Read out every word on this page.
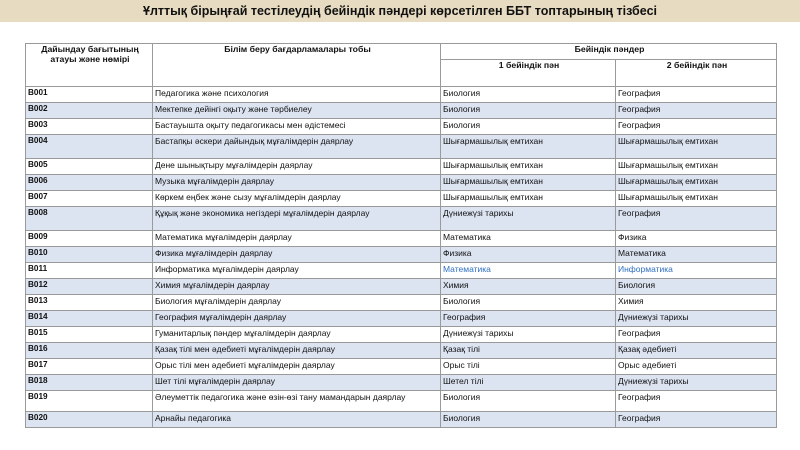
Ұлттық бірыңғай тестілеудің бейіндік пәндері көрсетілген ББТ топтарының тізбесі
Дайындау бағытының атауы және нөмірі	Білім беру бағдарламалары тобы	Бейіндік пәндер	

		1 бейіндік пән	2 бейіндік пән

В001	Педагогика және психология	Биология	География
В002	Мектепке дейінгі оқыту және тәрбиелеу	Биология	География
В003	Бастауышта оқыту педагогикасы мен әдістемесі	Биология	География
В004	Бастапқы әскери дайындық мұғалімдерін даярлау	Шығармашылық емтихан	Шығармашылық емтихан
В005	Дене шынықтыру мұғалімдерін даярлау	Шығармашылық емтихан	Шығармашылық емтихан
В006	Музыка мұғалімдерін даярлау	Шығармашылық емтихан	Шығармашылық емтихан
В007	Көркем еңбек және сызу мұғалімдерін даярлау	Шығармашылық емтихан	Шығармашылық емтихан
В008	Құқық және экономика негіздері мұғалімдерін даярлау	Дүниежүзі тарихы	География
В009	Математика мұғалімдерін даярлау	Математика	Физика
В010	Физика мұғалімдерін даярлау	Физика	Математика
В011	Информатика мұғалімдерін даярлау	Математика	Информатика
В012	Химия мұғалімдерін даярлау	Химия	Биология
В013	Биология мұғалімдерін даярлау	Биология	Химия
В014	География мұғалімдерін даярлау	География	Дүниежүзі тарихы
В015	Гуманитарлық пәндер мұғалімдерін даярлау	Дүниежүзі тарихы	География
В016	Қазақ тілі мен әдебиеті мұғалімдерін даярлау	Қазақ тілі	Қазақ әдебиеті
В017	Орыс тілі мен әдебиеті мұғалімдерін даярлау	Орыс тілі	Орыс әдебиеті
В018	Шет тілі мұғалімдерін даярлау	Шетел тілі	Дүниежүзі тарихы
В019	Әлеуметтік педагогика және өзін-өзі тану мамандарын даярлау	Биология	География
В020	Арнайы педагогика	Биология	География
